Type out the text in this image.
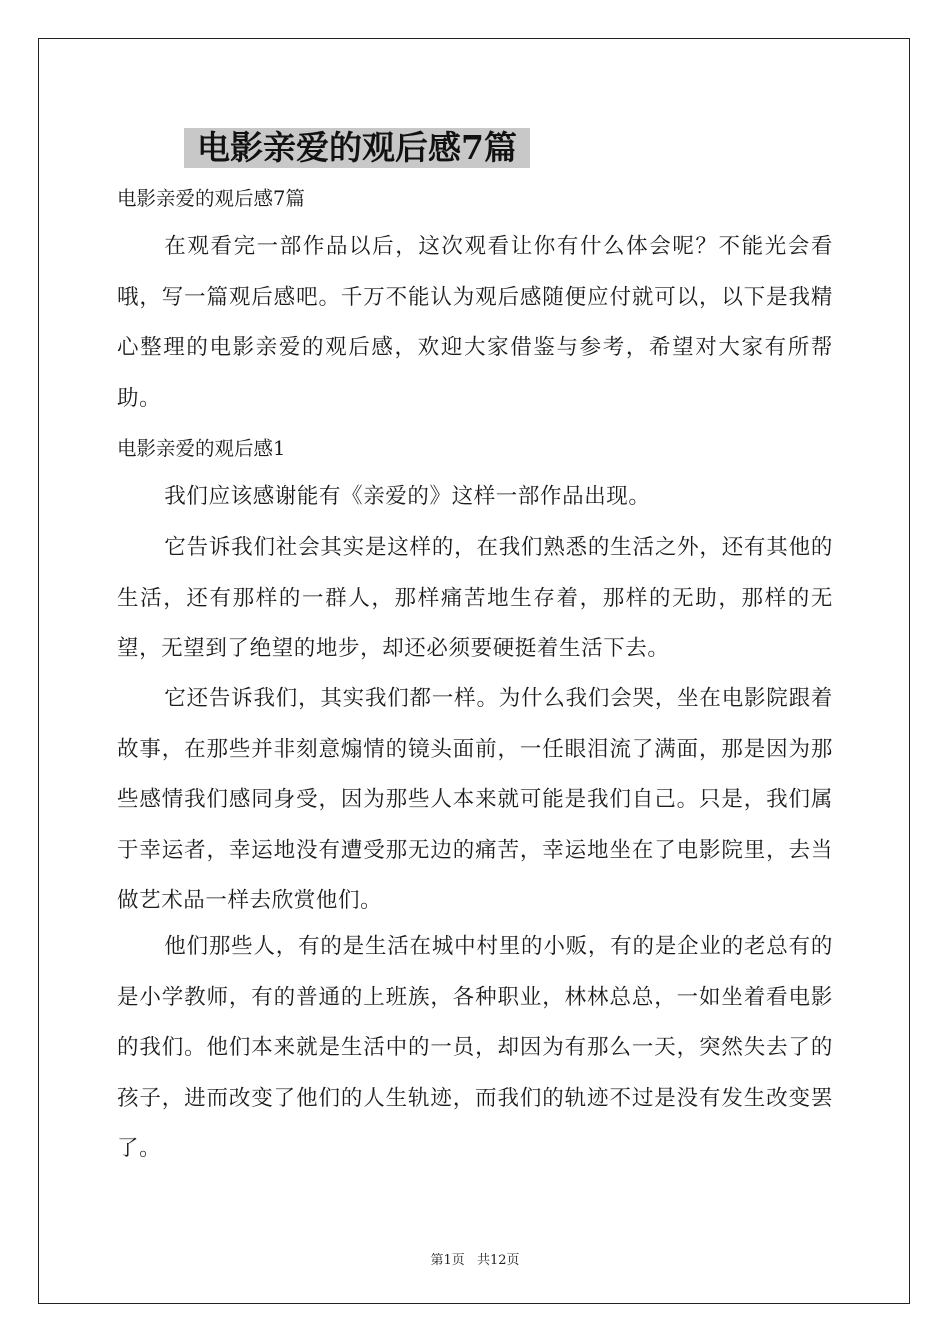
电影亲爱的观后感7篇

电影亲爱的观后感7篇

在观看完一部作品以后，这次观看让你有什么体会呢？不能光会看哦，写一篇观后感吧。千万不能认为观后感随便应付就可以，以下是我精心整理的电影亲爱的观后感，欢迎大家借鉴与参考，希望对大家有所帮助。

电影亲爱的观后感1

我们应该感谢能有《亲爱的》这样一部作品出现。

它告诉我们社会其实是这样的，在我们熟悉的生活之外，还有其他的生活，还有那样的一群人，那样痛苦地生存着，那样的无助，那样的无望，无望到了绝望的地步，却还必须要硬挺着生活下去。

它还告诉我们，其实我们都一样。为什么我们会哭，坐在电影院跟着故事，在那些并非刻意煽情的镜头面前，一任眼泪流了满面，那是因为那些感情我们感同身受，因为那些人本来就可能是我们自己。只是，我们属于幸运者，幸运地没有遭受那无边的痛苦，幸运地坐在了电影院里，去当做艺术品一样去欣赏他们。

他们那些人，有的是生活在城中村里的小贩，有的是企业的老总有的是小学教师，有的普通的上班族，各种职业，林林总总，一如坐着看电影的我们。他们本来就是生活中的一员，却因为有那么一天，突然失去了的孩子，进而改变了他们的人生轨迹，而我们的轨迹不过是没有发生改变罢了。

第1页 共12页
